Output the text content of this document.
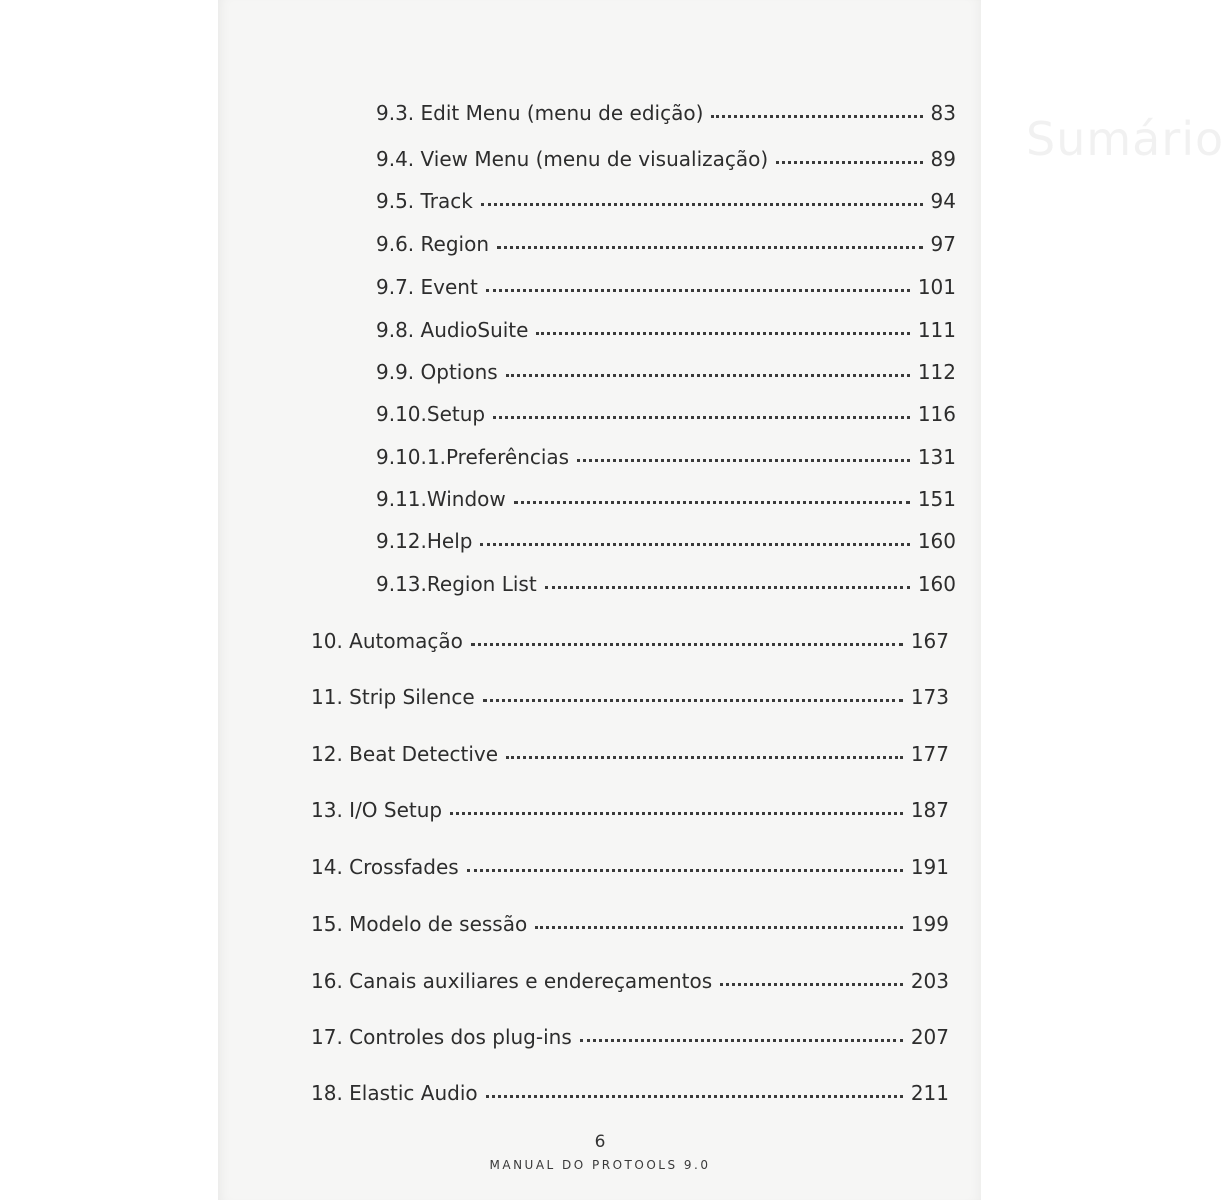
Sumário
9.3. Edit Menu (menu de edição)	83
9.4. View Menu (menu de visualização)	89
9.5. Track	94
9.6. Region	97
9.7. Event	101
9.8. AudioSuite	111
9.9. Options	112
9.10.Setup	116
9.10.1.Preferências	131
9.11.Window	151
9.12.Help	160
9.13.Region List	160
10. Automação	167
11. Strip Silence	173
12. Beat Detective	177
13. I/O Setup	187
14. Crossfades	191
15. Modelo de sessão	199
16. Canais auxiliares e endereçamentos	203
17. Controles dos plug-ins	207
18. Elastic Audio	211
6
MANUAL DO PROTOOLS 9.0
